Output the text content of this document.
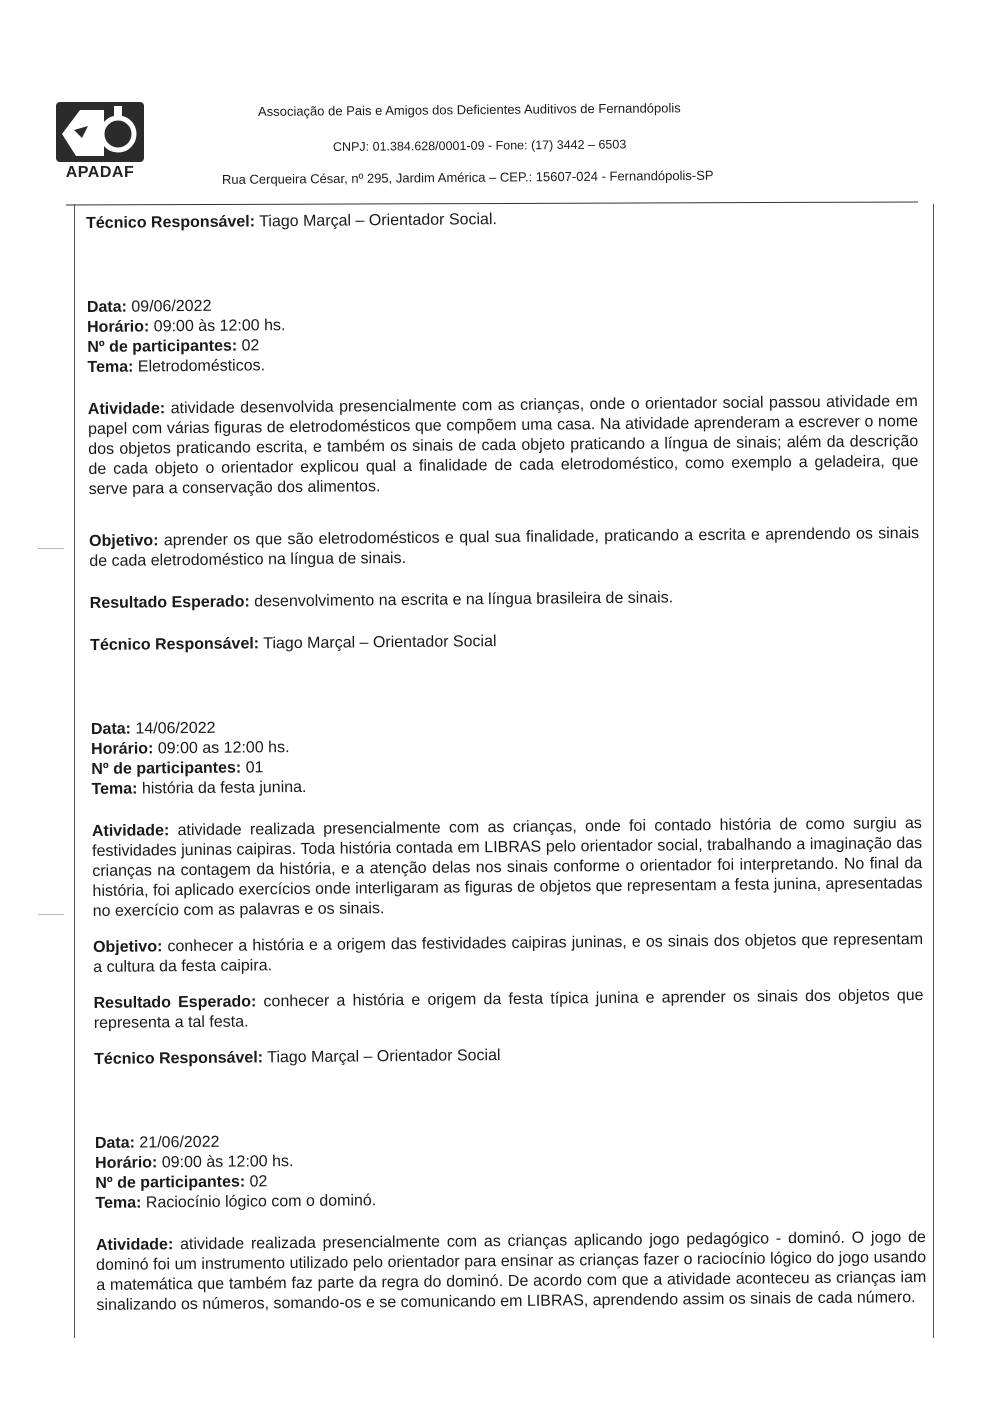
APADAF
Associação de Pais e Amigos dos Deficientes Auditivos de Fernandópolis
CNPJ: 01.384.628/0001-09 - Fone: (17) 3442 – 6503
Rua Cerqueira César, nº 295, Jardim América – CEP.: 15607-024 - Fernandópolis-SP

Técnico Responsável: Tiago Marçal – Orientador Social.

Data: 09/06/2022

Horário: 09:00 às 12:00 hs.

Nº de participantes: 02

Tema: Eletrodomésticos.

Atividade: atividade desenvolvida presencialmente com as crianças, onde o orientador social passou atividade em papel com várias figuras de eletrodomésticos que compõem uma casa. Na atividade aprenderam a escrever o nome dos objetos praticando escrita, e também os sinais de cada objeto praticando a língua de sinais; além da descrição de cada objeto o orientador explicou qual a finalidade de cada eletrodoméstico, como exemplo a geladeira, que serve para a conservação dos alimentos.

Objetivo: aprender os que são eletrodomésticos e qual sua finalidade, praticando a escrita e aprendendo os sinais de cada eletrodoméstico na língua de sinais.

Resultado Esperado: desenvolvimento na escrita e na língua brasileira de sinais.

Técnico Responsável: Tiago Marçal – Orientador Social

Data: 14/06/2022

Horário: 09:00 as 12:00 hs.

Nº de participantes: 01

Tema: história da festa junina.

Atividade: atividade realizada presencialmente com as crianças, onde foi contado história de como surgiu as festividades juninas caipiras. Toda história contada em LIBRAS pelo orientador social, trabalhando a imaginação das crianças na contagem da história, e a atenção delas nos sinais conforme o orientador foi interpretando. No final da história, foi aplicado exercícios onde interligaram as figuras de objetos que representam a festa junina, apresentadas no exercício com as palavras e os sinais.

Objetivo: conhecer a história e a origem das festividades caipiras juninas, e os sinais dos objetos que representam a cultura da festa caipira.

Resultado Esperado: conhecer a história e origem da festa típica junina e aprender os sinais dos objetos que representa a tal festa.

Técnico Responsável: Tiago Marçal – Orientador Social

Data: 21/06/2022

Horário: 09:00 às 12:00 hs.

Nº de participantes: 02

Tema: Raciocínio lógico com o dominó.

Atividade: atividade realizada presencialmente com as crianças aplicando jogo pedagógico - dominó. O jogo de dominó foi um instrumento utilizado pelo orientador para ensinar as crianças fazer o raciocínio lógico do jogo usando a matemática que também faz parte da regra do dominó. De acordo com que a atividade aconteceu as crianças iam sinalizando os números, somando-os e se comunicando em LIBRAS, aprendendo assim os sinais de cada número.
